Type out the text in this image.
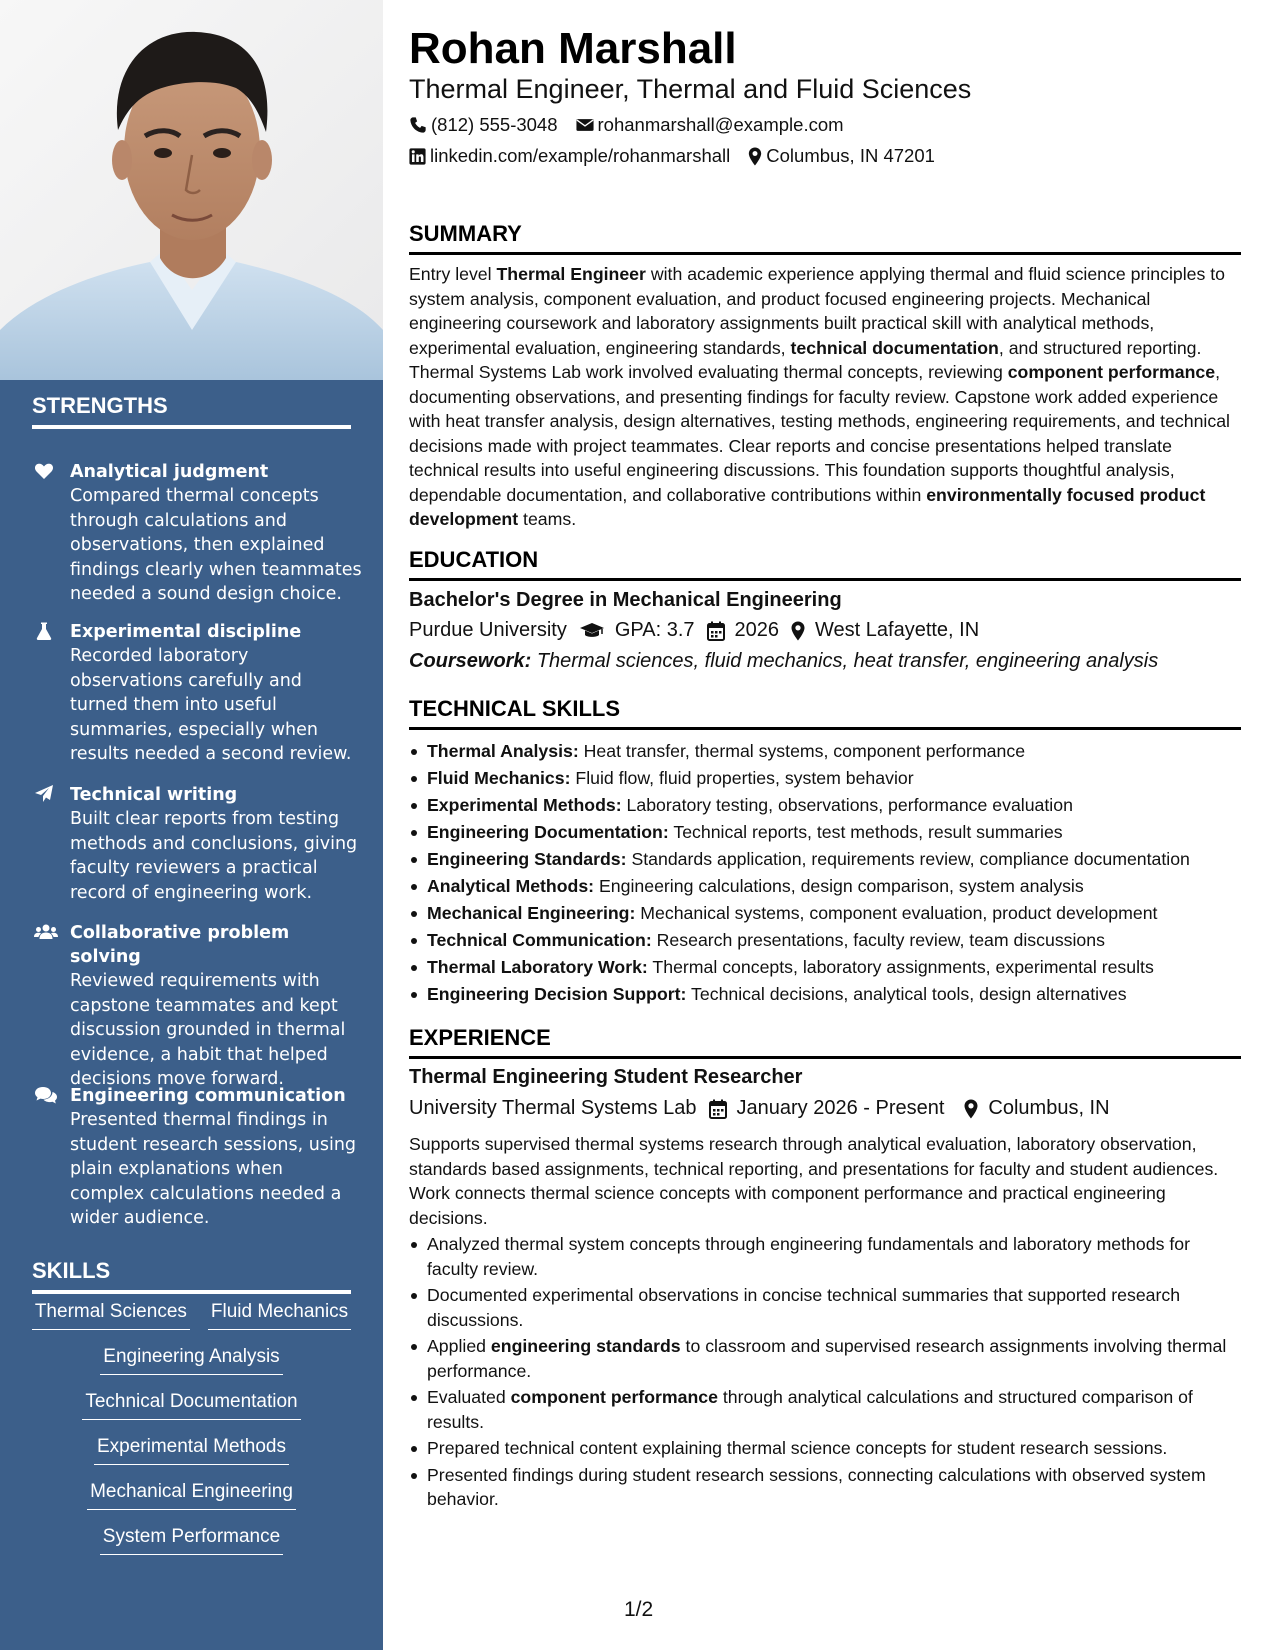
STRENGTHS
Analytical judgment
Compared thermal concepts through calculations and observations, then explained findings clearly when teammates needed a sound design choice.
Experimental discipline
Recorded laboratory observations carefully and turned them into useful summaries, especially when results needed a second review.
Technical writing
Built clear reports from testing methods and conclusions, giving faculty reviewers a practical record of engineering work.
Collaborative problem solving
Reviewed requirements with capstone teammates and kept discussion grounded in thermal evidence, a habit that helped decisions move forward.
Engineering communication
Presented thermal findings in student research sessions, using plain explanations when complex calculations needed a wider audience.
SKILLS
Thermal Sciences Fluid Mechanics
Engineering Analysis
Technical Documentation
Experimental Methods
Mechanical Engineering
System Performance
Rohan Marshall
Thermal Engineer, Thermal and Fluid Sciences
(812) 555-3048 rohanmarshall@example.com
linkedin.com/example/rohanmarshall Columbus, IN 47201
SUMMARY
Entry level Thermal Engineer with academic experience applying thermal and fluid science principles to system analysis, component evaluation, and product focused engineering projects. Mechanical engineering coursework and laboratory assignments built practical skill with analytical methods, experimental evaluation, engineering standards, technical documentation, and structured reporting. Thermal Systems Lab work involved evaluating thermal concepts, reviewing component performance, documenting observations, and presenting findings for faculty review. Capstone work added experience with heat transfer analysis, design alternatives, testing methods, engineering requirements, and technical decisions made with project teammates. Clear reports and concise presentations helped translate technical results into useful engineering discussions. This foundation supports thoughtful analysis, dependable documentation, and collaborative contributions within environmentally focused product development teams.
EDUCATION
Bachelor's Degree in Mechanical Engineering
Purdue University GPA: 3.7 2026 West Lafayette, IN
Coursework: Thermal sciences, fluid mechanics, heat transfer, engineering analysis
TECHNICAL SKILLS
Thermal Analysis: Heat transfer, thermal systems, component performance
Fluid Mechanics: Fluid flow, fluid properties, system behavior
Experimental Methods: Laboratory testing, observations, performance evaluation
Engineering Documentation: Technical reports, test methods, result summaries
Engineering Standards: Standards application, requirements review, compliance documentation
Analytical Methods: Engineering calculations, design comparison, system analysis
Mechanical Engineering: Mechanical systems, component evaluation, product development
Technical Communication: Research presentations, faculty review, team discussions
Thermal Laboratory Work: Thermal concepts, laboratory assignments, experimental results
Engineering Decision Support: Technical decisions, analytical tools, design alternatives
EXPERIENCE
Thermal Engineering Student Researcher
University Thermal Systems Lab January 2026 - Present Columbus, IN
Supports supervised thermal systems research through analytical evaluation, laboratory observation, standards based assignments, technical reporting, and presentations for faculty and student audiences. Work connects thermal science concepts with component performance and practical engineering decisions.
Analyzed thermal system concepts through engineering fundamentals and laboratory methods for faculty review.
Documented experimental observations in concise technical summaries that supported research discussions.
Applied engineering standards to classroom and supervised research assignments involving thermal performance.
Evaluated component performance through analytical calculations and structured comparison of results.
Prepared technical content explaining thermal science concepts for student research sessions.
Presented findings during student research sessions, connecting calculations with observed system behavior.
1/2
